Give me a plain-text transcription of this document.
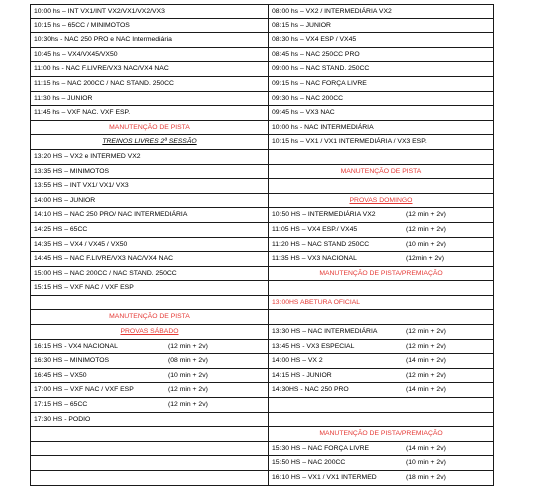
10:00 hs – INT VX1/INT VX2/VX1/VX2/VX3
10:15 hs – 65CC / MINIMOTOS
10:30hs - NAC 250 PRO e NAC Intermediária
10:45 hs – VX4/VX45/VX50
11:00 hs - NAC F.LIVRE/VX3 NAC/VX4 NAC
11:15 hs – NAC 200CC / NAC STAND. 250CC
11:30 hs – JUNIOR
11:45 hs – VXF NAC. VXF ESP.
MANUTENÇÃO DE PISTA
TREINOS LIVRES 2ª SESSÃO
13:20 HS – VX2 e INTERMED VX2
13:35 HS – MINIMOTOS
13:55 HS – INT VX1/ VX1/ VX3
14:00 HS – JUNIOR
14:10 HS – NAC 250 PRO/ NAC INTERMEDIÁRIA
14:25 HS – 65CC
14:35 HS – VX4 / VX45 / VX50
14:45 HS – NAC F.LIVRE/VX3 NAC/VX4 NAC
15:00 HS – NAC 200CC / NAC STAND. 250CC
15:15 HS – VXF NAC / VXF ESP
MANUTENÇÃO DE PISTA
PROVAS SÁBADO
16:15 HS - VX4 NACIONAL	(12 min + 2v)
16:30 HS – MINIMOTOS	(08 min + 2v)
16:45 HS – VX50	(10 min + 2v)
17:00 HS – VXF NAC / VXF ESP	(12 min + 2v)
17:15 HS – 65CC	(12 min + 2v)
17:30 HS - PODIO
08:00 hs – VX2 / INTERMEDIÁRIA VX2
08:15 hs – JUNIOR
08:30 hs – VX4 ESP / VX45
08:45 hs – NAC 250CC PRO
09:00 hs – NAC STAND. 250CC
09:15 hs – NAC FORÇA LIVRE
09:30 hs – NAC 200CC
09:45 hs – VX3 NAC
10:00 hs - NAC INTERMEDIÁRIA
10:15 hs – VX1 / VX1 INTERMEDIÁRIA / VX3 ESP.
MANUTENÇÃO DE PISTA
PROVAS DOMINGO
10:50 HS – INTERMEDIÁRIA VX2	(12 min + 2v)
11:05 HS – VX4 ESP./ VX45	(12 min + 2v)
11:20 HS – NAC STAND 250CC	(10 min + 2v)
11:35 HS – VX3 NACIONAL	(12min + 2v)
MANUTENÇÃO DE PISTA/PREMIAÇÃO
13:00HS ABETURA OFICIAL
13:30 HS – NAC INTERMEDIÁRIA	(12 min + 2v)
13:45 HS - VX3 ESPECIAL	(12 min + 2v)
14:00 HS – VX 2	(14 min + 2v)
14:15 HS - JUNIOR	(12 min + 2v)
14:30HS - NAC 250 PRO	(14 min + 2v)
MANUTENÇÃO DE PISTA/PREMIAÇÃO
15:30 HS – NAC FORÇA LIVRE	(14 min + 2v)
15:50 HS – NAC 200CC	(10 min + 2v)
16:10 HS – VX1 / VX1 INTERMED	(18 min + 2v)
